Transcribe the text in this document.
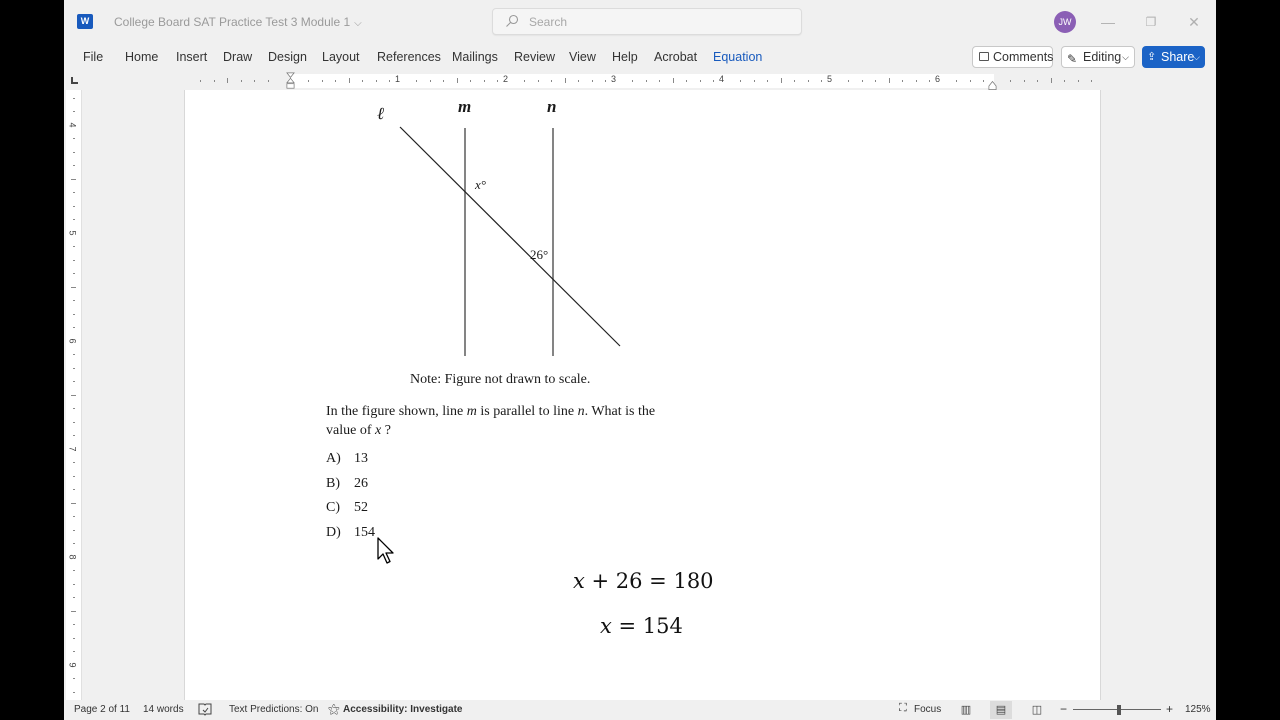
W	College Board SAT Practice Test 3 Module 1 ⌵	Search	JW	—	❐	✕
File Home Insert Draw Design Layout References Mailings Review View Help Acrobat Equation	Comments ✎ Editing ⌵ ⇪ Share
⌵
1	2	3	4	5	6
4
5
6
7
8
9
ℓ	m	n
x°
26°
Note: Figure not drawn to scale.
In the figure shown, line m is parallel to line n. What is the value of x ?
A) 13
B) 26
C) 52
D) 154
x + 26 = 180
x = 154
Page 2 of 11 14 words	Text Predictions: On ⚝ Accessibility: Investigate	⛶ Focus	▥	▤	◫	−	+ 125%
